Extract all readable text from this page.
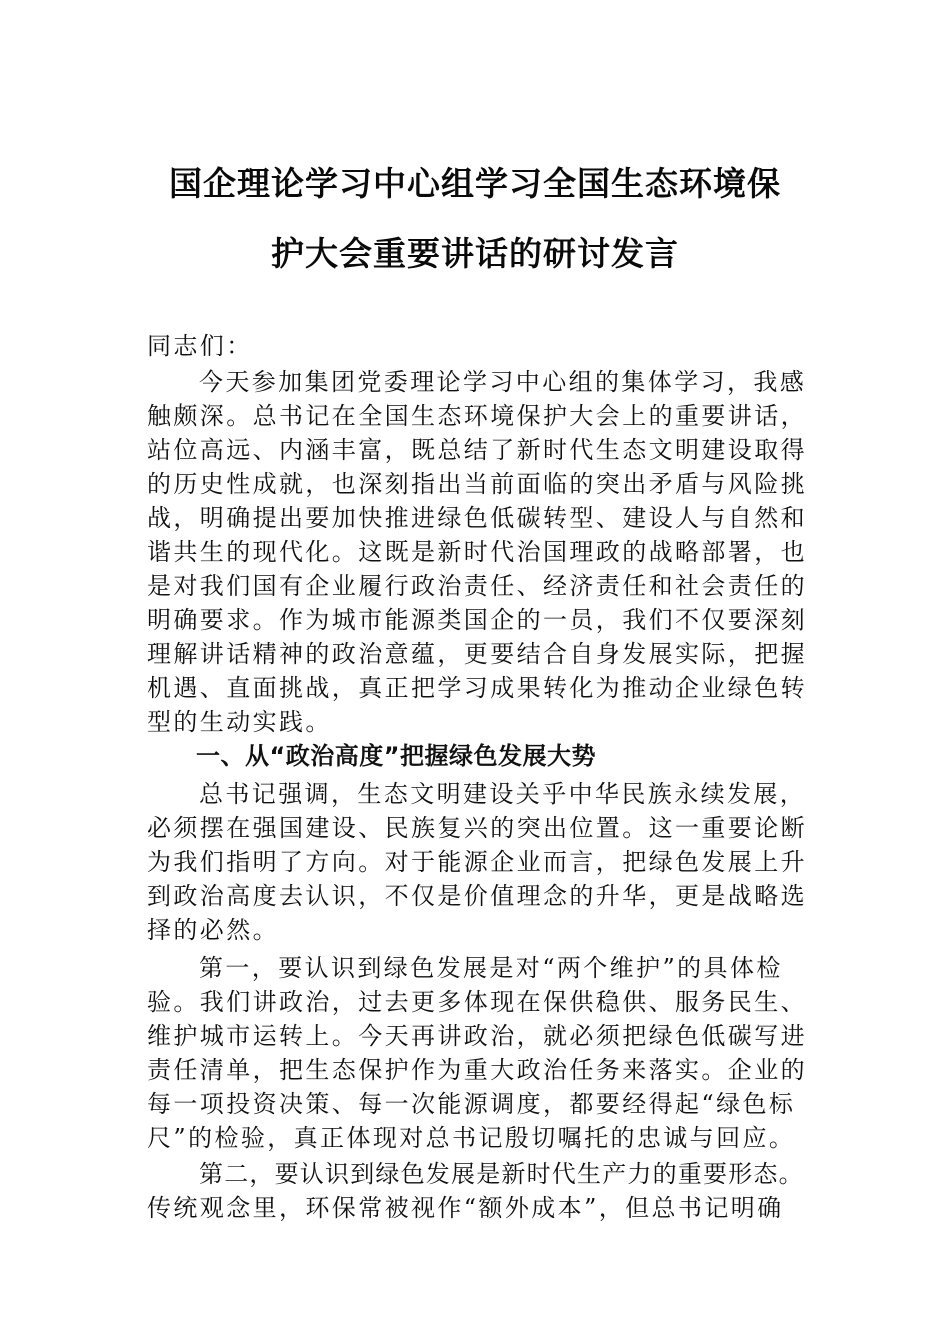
国企理论学习中心组学习全国生态环境保
护大会重要讲话的研讨发言
同志们：
今天参加集团党委理论学习中心组的集体学习，我感
触颇深。总书记在全国生态环境保护大会上的重要讲话，
站位高远、内涵丰富，既总结了新时代生态文明建设取得
的历史性成就，也深刻指出当前面临的突出矛盾与风险挑
战，明确提出要加快推进绿色低碳转型、建设人与自然和
谐共生的现代化。这既是新时代治国理政的战略部署，也
是对我们国有企业履行政治责任、经济责任和社会责任的
明确要求。作为城市能源类国企的一员，我们不仅要深刻
理解讲话精神的政治意蕴，更要结合自身发展实际，把握
机遇、直面挑战，真正把学习成果转化为推动企业绿色转
型的生动实践。
一、从“政治高度”把握绿色发展大势
总书记强调，生态文明建设关乎中华民族永续发展，
必须摆在强国建设、民族复兴的突出位置。这一重要论断
为我们指明了方向。对于能源企业而言，把绿色发展上升
到政治高度去认识，不仅是价值理念的升华，更是战略选
择的必然。
第一，要认识到绿色发展是对“两个维护”的具体检
验。我们讲政治，过去更多体现在保供稳供、服务民生、
维护城市运转上。今天再讲政治，就必须把绿色低碳写进
责任清单，把生态保护作为重大政治任务来落实。企业的
每一项投资决策、每一次能源调度，都要经得起“绿色标
尺”的检验，真正体现对总书记殷切嘱托的忠诚与回应。
第二，要认识到绿色发展是新时代生产力的重要形态。
传统观念里，环保常被视作“额外成本”，但总书记明确
